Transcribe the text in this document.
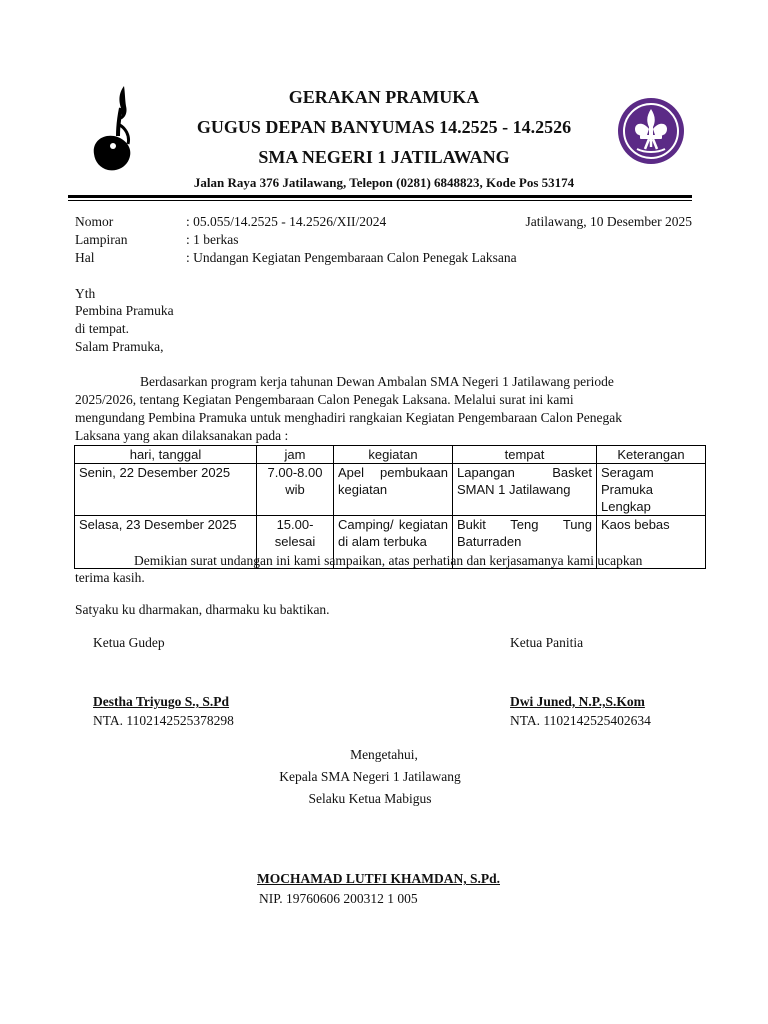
GERAKAN PRAMUKA
GUGUS DEPAN BANYUMAS 14.2525 - 14.2526
SMA NEGERI 1 JATILAWANG
Jalan Raya 376 Jatilawang, Telepon (0281) 6848823, Kode Pos 53174
Nomor	: 05.055/14.2525 - 14.2526/XII/2024	Jatilawang, 10 Desember 2025
Lampiran	: 1 berkas
Hal	: Undangan Kegiatan Pengembaraan Calon Penegak Laksana
Yth
Pembina Pramuka
di tempat.
Salam Pramuka,
Berdasarkan program kerja tahunan Dewan Ambalan SMA Negeri 1 Jatilawang periode
2025/2026, tentang Kegiatan Pengembaraan Calon Penegak Laksana. Melalui surat ini kami
mengundang Pembina Pramuka untuk menghadiri rangkaian Kegiatan Pengembaraan Calon Penegak
Laksana yang akan dilaksanakan pada :
hari, tanggal	jam	kegiatan	tempat	Keterangan
Senin, 22 Desember 2025	7.00-8.00 wib	Apel pembukaan kegiatan	Lapangan Basket SMAN 1 Jatilawang	Seragam Pramuka Lengkap
Selasa, 23 Desember 2025	15.00- selesai	Camping/ kegiatan di alam terbuka	Bukit Teng Tung Baturraden	Kaos bebas
Demikian surat undangan ini kami sampaikan, atas perhatian dan kerjasamanya kami ucapkan
terima kasih.
Satyaku ku dharmakan, dharmaku ku baktikan.
Ketua Gudep	Ketua Panitia
Destha Triyugo S., S.Pd	Dwi Juned, N.P.,S.Kom
NTA. 1102142525378298	NTA. 1102142525402634
Mengetahui,
Kepala SMA Negeri 1 Jatilawang
Selaku Ketua Mabigus
MOCHAMAD LUTFI KHAMDAN, S.Pd.
NIP. 19760606 200312 1 005
